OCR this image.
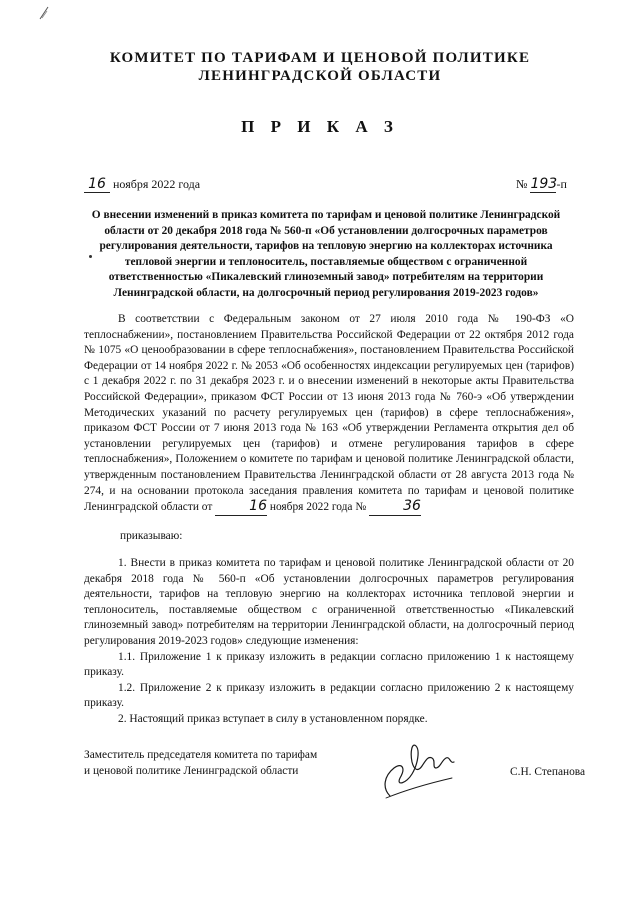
КОМИТЕТ ПО ТАРИФАМ И ЦЕНОВОЙ ПОЛИТИКЕ
ЛЕНИНГРАДСКОЙ ОБЛАСТИ
П Р И К А З
16 ноября 2022 года	№ 193-п
О внесении изменений в приказ комитета по тарифам и ценовой политике Ленинградской области от 20 декабря 2018 года № 560-п «Об установлении долгосрочных параметров регулирования деятельности, тарифов на тепловую энергию на коллекторах источника тепловой энергии и теплоноситель, поставляемые обществом с ограниченной ответственностью «Пикалевский глиноземный завод» потребителям на территории Ленинградской области, на долгосрочный период регулирования 2019-2023 годов»
В соответствии с Федеральным законом от 27 июля 2010 года № 190-ФЗ «О теплоснабжении», постановлением Правительства Российской Федерации от 22 октября 2012 года № 1075 «О ценообразовании в сфере теплоснабжения», постановлением Правительства Российской Федерации от 14 ноября 2022 г. № 2053 «Об особенностях индексации регулируемых цен (тарифов) с 1 декабря 2022 г. по 31 декабря 2023 г. и о внесении изменений в некоторые акты Правительства Российской Федерации», приказом ФСТ России от 13 июня 2013 года № 760-э «Об утверждении Методических указаний по расчету регулируемых цен (тарифов) в сфере теплоснабжения», приказом ФСТ России от 7 июня 2013 года № 163 «Об утверждении Регламента открытия дел об установлении регулируемых цен (тарифов) и отмене регулирования тарифов в сфере теплоснабжения», Положением о комитете по тарифам и ценовой политике Ленинградской области, утвержденным постановлением Правительства Ленинградской области от 28 августа 2013 года № 274, и на основании протокола заседания правления комитета по тарифам и ценовой политике Ленинградской области от	16 ноября 2022 года №	36
приказываю:

1. Внести в приказ комитета по тарифам и ценовой политике Ленинградской области от 20 декабря 2018 года № 560-п «Об установлении долгосрочных параметров регулирования деятельности, тарифов на тепловую энергию на коллекторах источника тепловой энергии и теплоноситель, поставляемые обществом с ограниченной ответственностью «Пикалевский глиноземный завод» потребителям на территории Ленинградской области, на долгосрочный период регулирования 2019-2023 годов» следующие изменения:

1.1. Приложение 1 к приказу изложить в редакции согласно приложению 1 к настоящему приказу.

1.2. Приложение 2 к приказу изложить в редакции согласно приложению 2 к настоящему приказу.

2. Настоящий приказ вступает в силу в установленном порядке.

Заместитель председателя комитета по тарифам
и ценовой политике Ленинградской области	С.Н. Степанова
